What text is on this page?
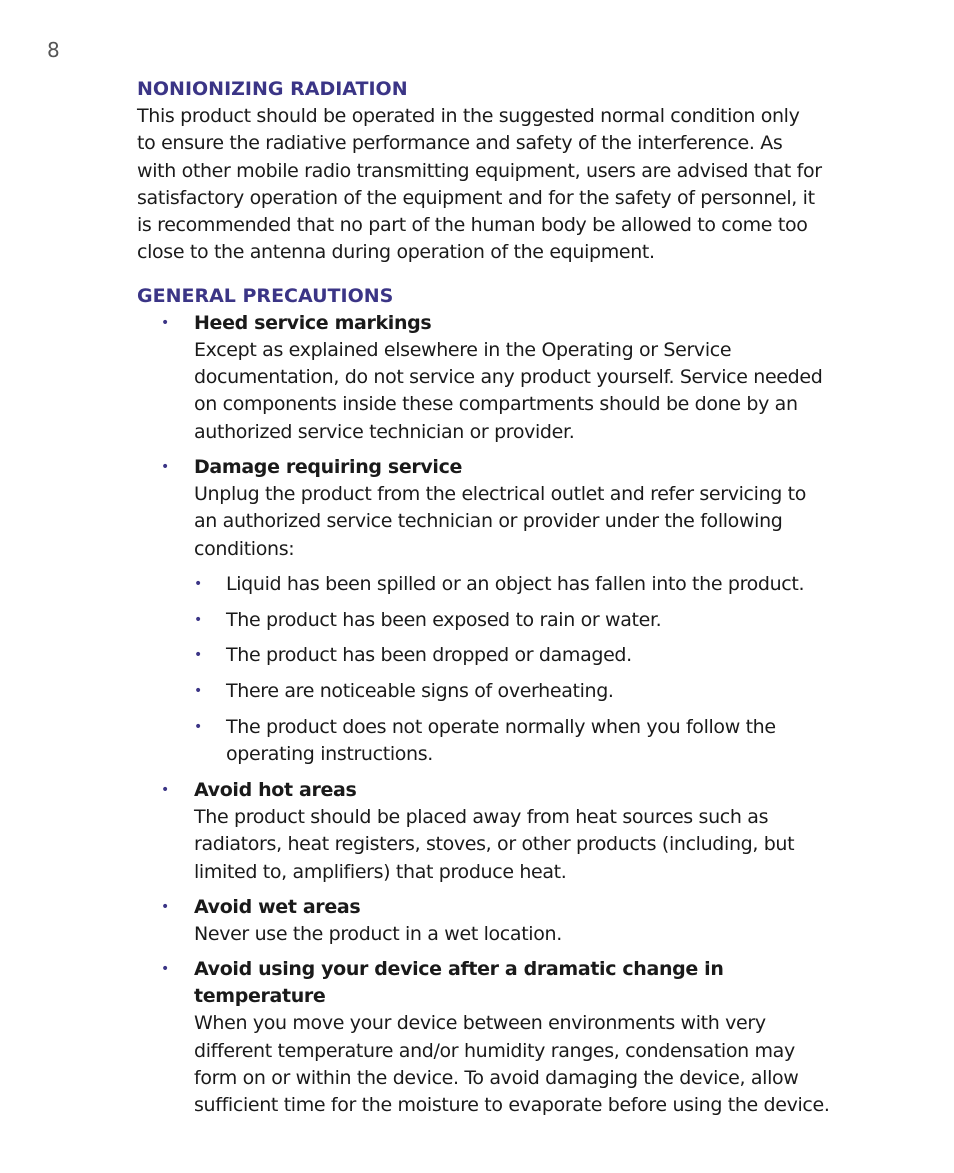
8
NONIONIZING RADIATION

This product should be operated in the suggested normal condition only
to ensure the radiative performance and safety of the interference. As
with other mobile radio transmitting equipment, users are advised that for
satisfactory operation of the equipment and for the safety of personnel, it
is recommended that no part of the human body be allowed to come too
close to the antenna during operation of the equipment.

GENERAL PRECAUTIONS
• Heed service markings
Except as explained elsewhere in the Operating or Service
documentation, do not service any product yourself. Service needed
on components inside these compartments should be done by an
authorized service technician or provider.
• Damage requiring service
Unplug the product from the electrical outlet and refer servicing to
an authorized service technician or provider under the following
conditions:
• Liquid has been spilled or an object has fallen into the product.
• The product has been exposed to rain or water.
• The product has been dropped or damaged.
• There are noticeable signs of overheating.
• The product does not operate normally when you follow the
operating instructions.
• Avoid hot areas
The product should be placed away from heat sources such as
radiators, heat registers, stoves, or other products (including, but
limited to, amplifiers) that produce heat.
• Avoid wet areas
Never use the product in a wet location.
• Avoid using your device after a dramatic change in temperature
When you move your device between environments with very
different temperature and/or humidity ranges, condensation may
form on or within the device. To avoid damaging the device, allow
sufficient time for the moisture to evaporate before using the device.
